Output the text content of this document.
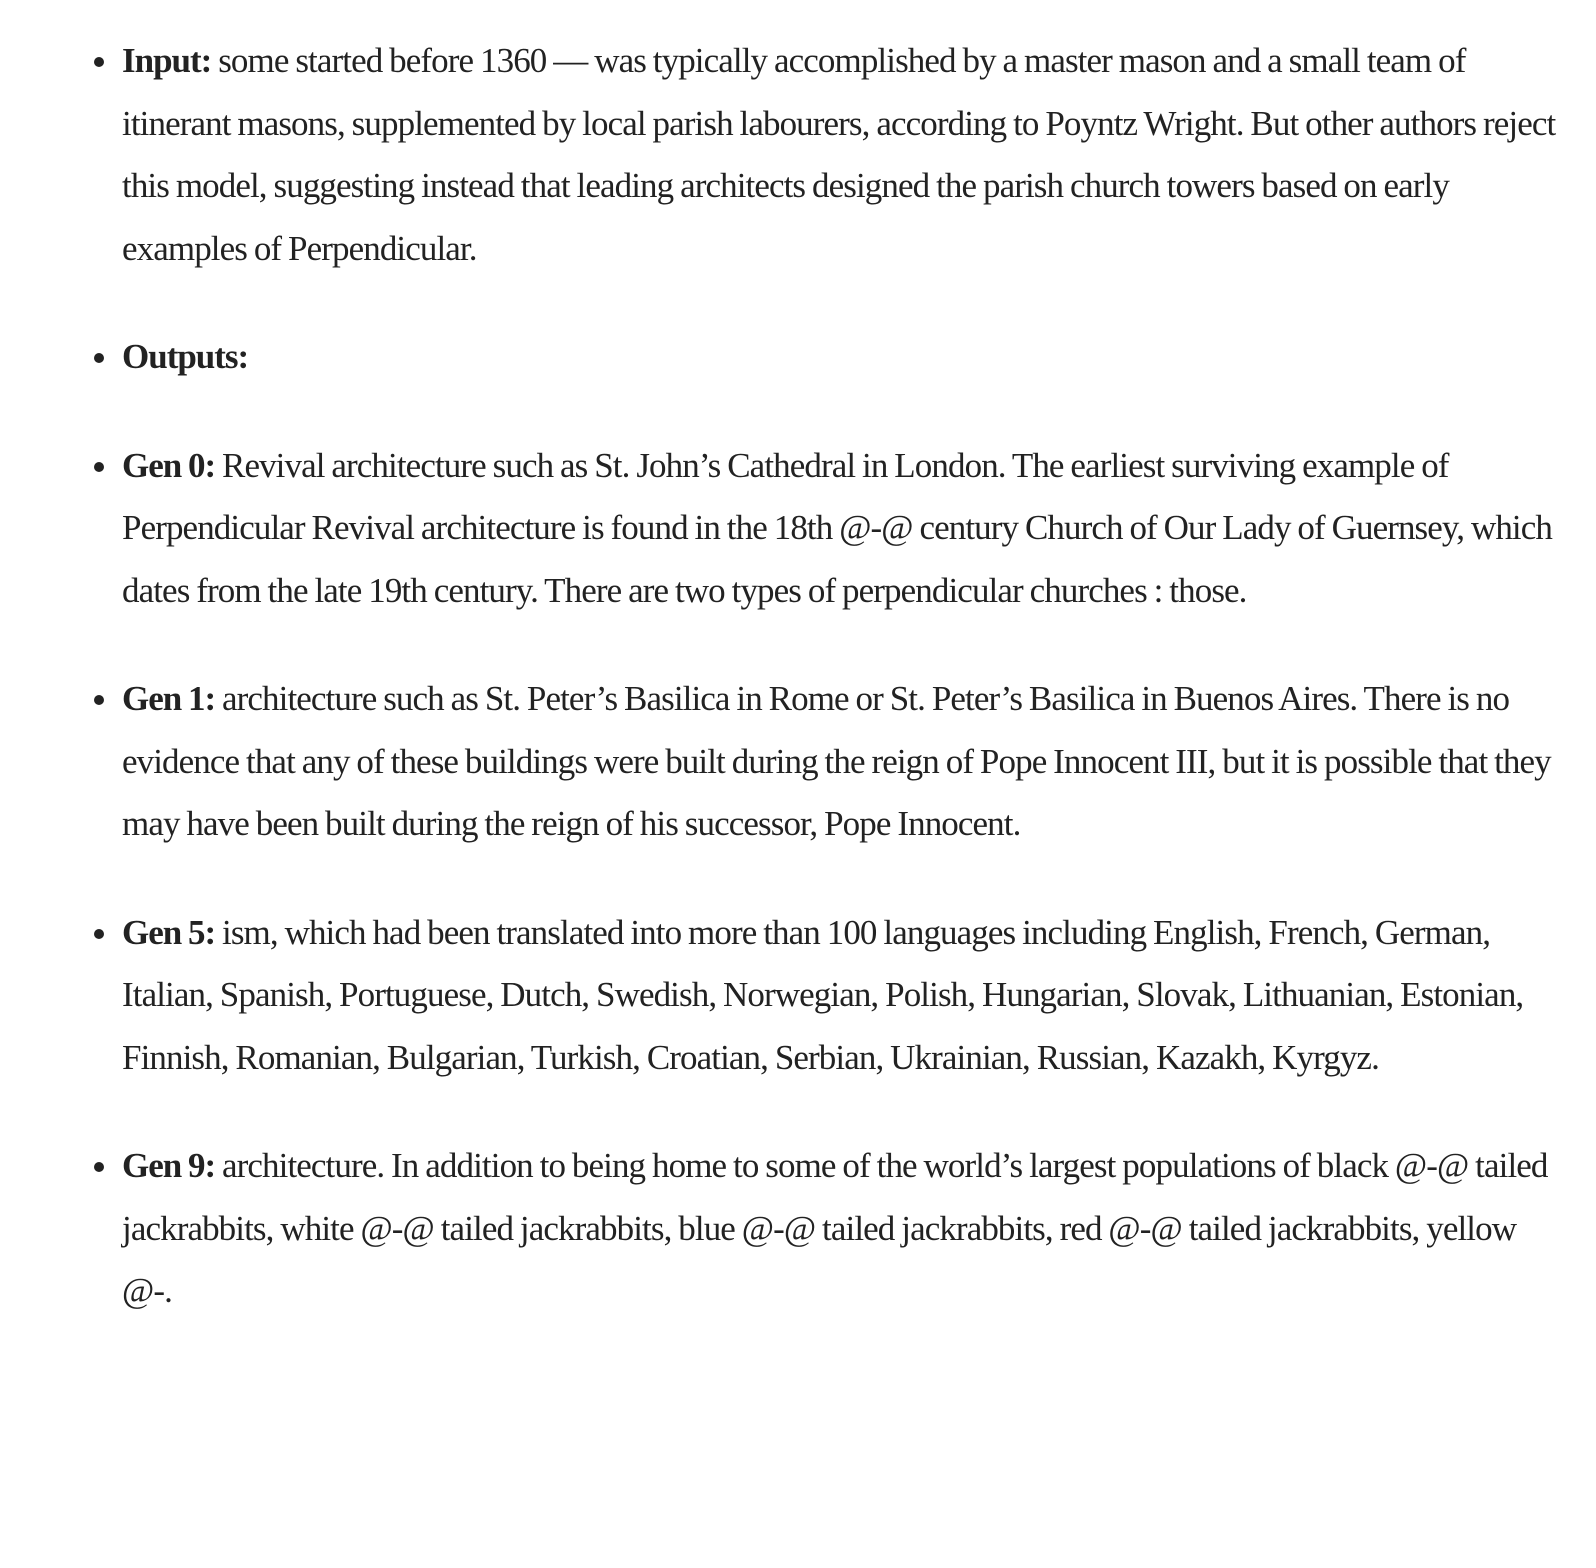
Input: some started before 1360 — was typically accomplished by a master mason and a small team of itinerant masons, supplemented by local parish labourers, according to Poyntz Wright. But other authors reject this model, suggesting instead that leading architects designed the parish church towers based on early examples of Perpendicular.
Outputs:
Gen 0: Revival architecture such as St. John’s Cathedral in London. The earliest surviving example of Perpendicular Revival architecture is found in the 18th @-@ century Church of Our Lady of Guernsey, which dates from the late 19th century. There are two types of perpendicular churches : those.
Gen 1: architecture such as St. Peter’s Basilica in Rome or St. Peter’s Basilica in Buenos Aires. There is no evidence that any of these buildings were built during the reign of Pope Innocent III, but it is possible that they may have been built during the reign of his successor, Pope Innocent.
Gen 5: ism, which had been translated into more than 100 languages including English, French, German, Italian, Spanish, Portuguese, Dutch, Swedish, Norwegian, Polish, Hungarian, Slovak, Lithuanian, Estonian, Finnish, Romanian, Bulgarian, Turkish, Croatian, Serbian, Ukrainian, Russian, Kazakh, Kyrgyz.
Gen 9: architecture. In addition to being home to some of the world’s largest populations of black @-@ tailed jackrabbits, white @-@ tailed jackrabbits, blue @-@ tailed jackrabbits, red @-@ tailed jackrabbits, yellow @-.
